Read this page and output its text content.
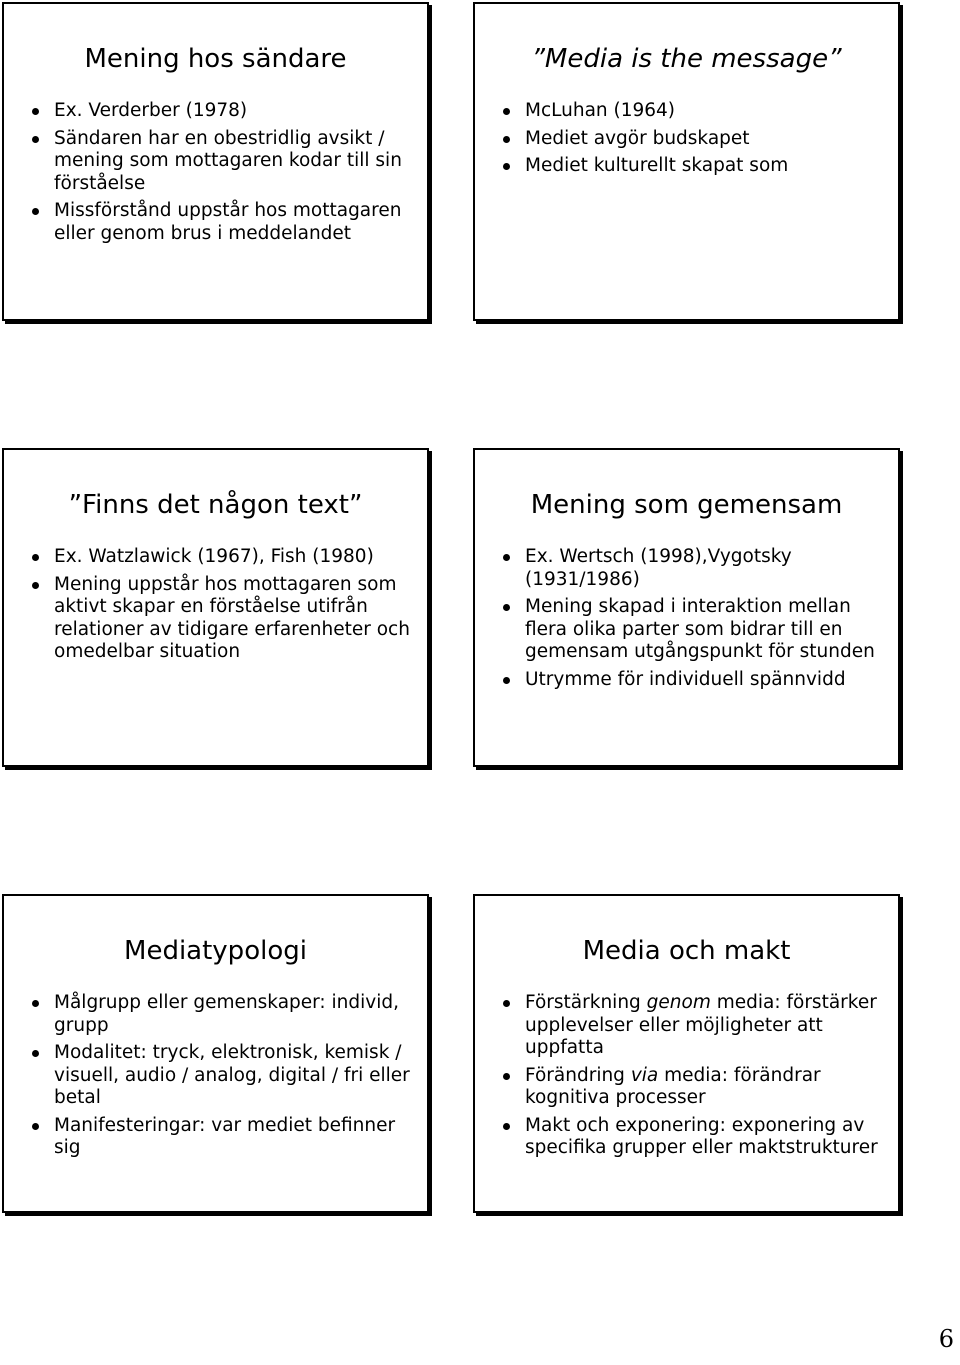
Mening hos sändare
Ex. Verderber (1978)
Sändaren har en obestridlig avsikt / mening som mottagaren kodar till sin förståelse
Missförstånd uppstår hos mottagaren eller genom brus i meddelandet
”Media is the message”
McLuhan (1964)
Mediet avgör budskapet
Mediet kulturellt skapat som
”Finns det någon text”
Ex. Watzlawick (1967), Fish (1980)
Mening uppstår hos mottagaren som aktivt skapar en förståelse utifrån relationer av tidigare erfarenheter och omedelbar situation
Mening som gemensam
Ex. Wertsch (1998),Vygotsky (1931/1986)
Mening skapad i interaktion mellan flera olika parter som bidrar till en gemensam utgångspunkt för stunden
Utrymme för individuell spännvidd
Mediatypologi
Målgrupp eller gemenskaper: individ, grupp
Modalitet: tryck, elektronisk, kemisk / visuell, audio / analog, digital / fri eller betal
Manifesteringar: var mediet befinner sig
Media och makt
Förstärkning genom media: förstärker upplevelser eller möjligheter att uppfatta
Förändring via media: förändrar kognitiva processer
Makt och exponering: exponering av specifika grupper eller maktstrukturer
6
